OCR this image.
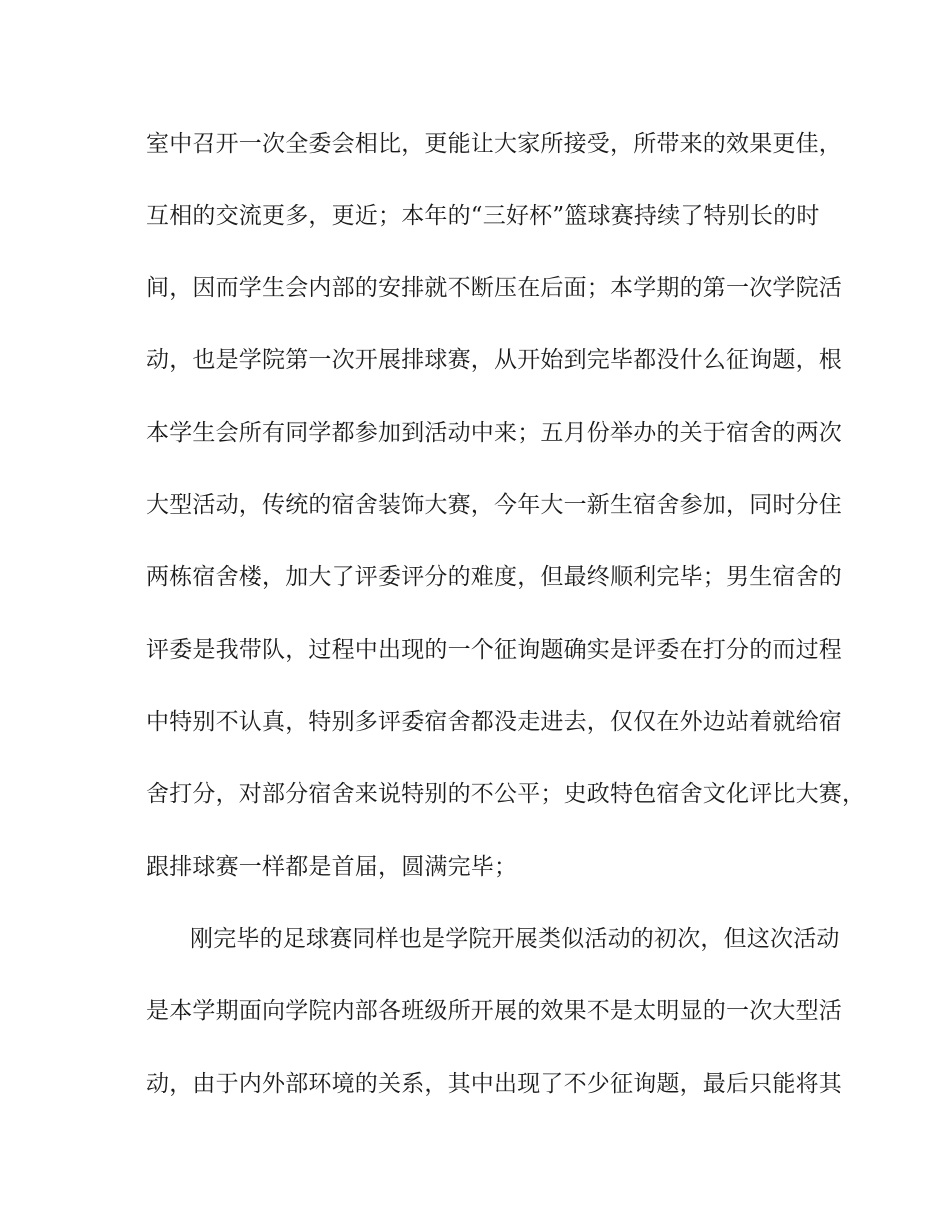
室中召开一次全委会相比，更能让大家所接受，所带来的效果更佳，
互相的交流更多，更近；本年的“三好杯”篮球赛持续了特别长的时
间，因而学生会内部的安排就不断压在后面；本学期的第一次学院活
动，也是学院第一次开展排球赛，从开始到完毕都没什么征询题，根
本学生会所有同学都参加到活动中来；五月份举办的关于宿舍的两次
大型活动，传统的宿舍装饰大赛，今年大一新生宿舍参加，同时分住
两栋宿舍楼，加大了评委评分的难度，但最终顺利完毕；男生宿舍的
评委是我带队，过程中出现的一个征询题确实是评委在打分的而过程
中特别不认真，特别多评委宿舍都没走进去，仅仅在外边站着就给宿
舍打分，对部分宿舍来说特别的不公平；史政特色宿舍文化评比大赛，
跟排球赛一样都是首届，圆满完毕；
刚完毕的足球赛同样也是学院开展类似活动的初次，但这次活动
是本学期面向学院内部各班级所开展的效果不是太明显的一次大型活
动，由于内外部环境的关系，其中出现了不少征询题，最后只能将其
